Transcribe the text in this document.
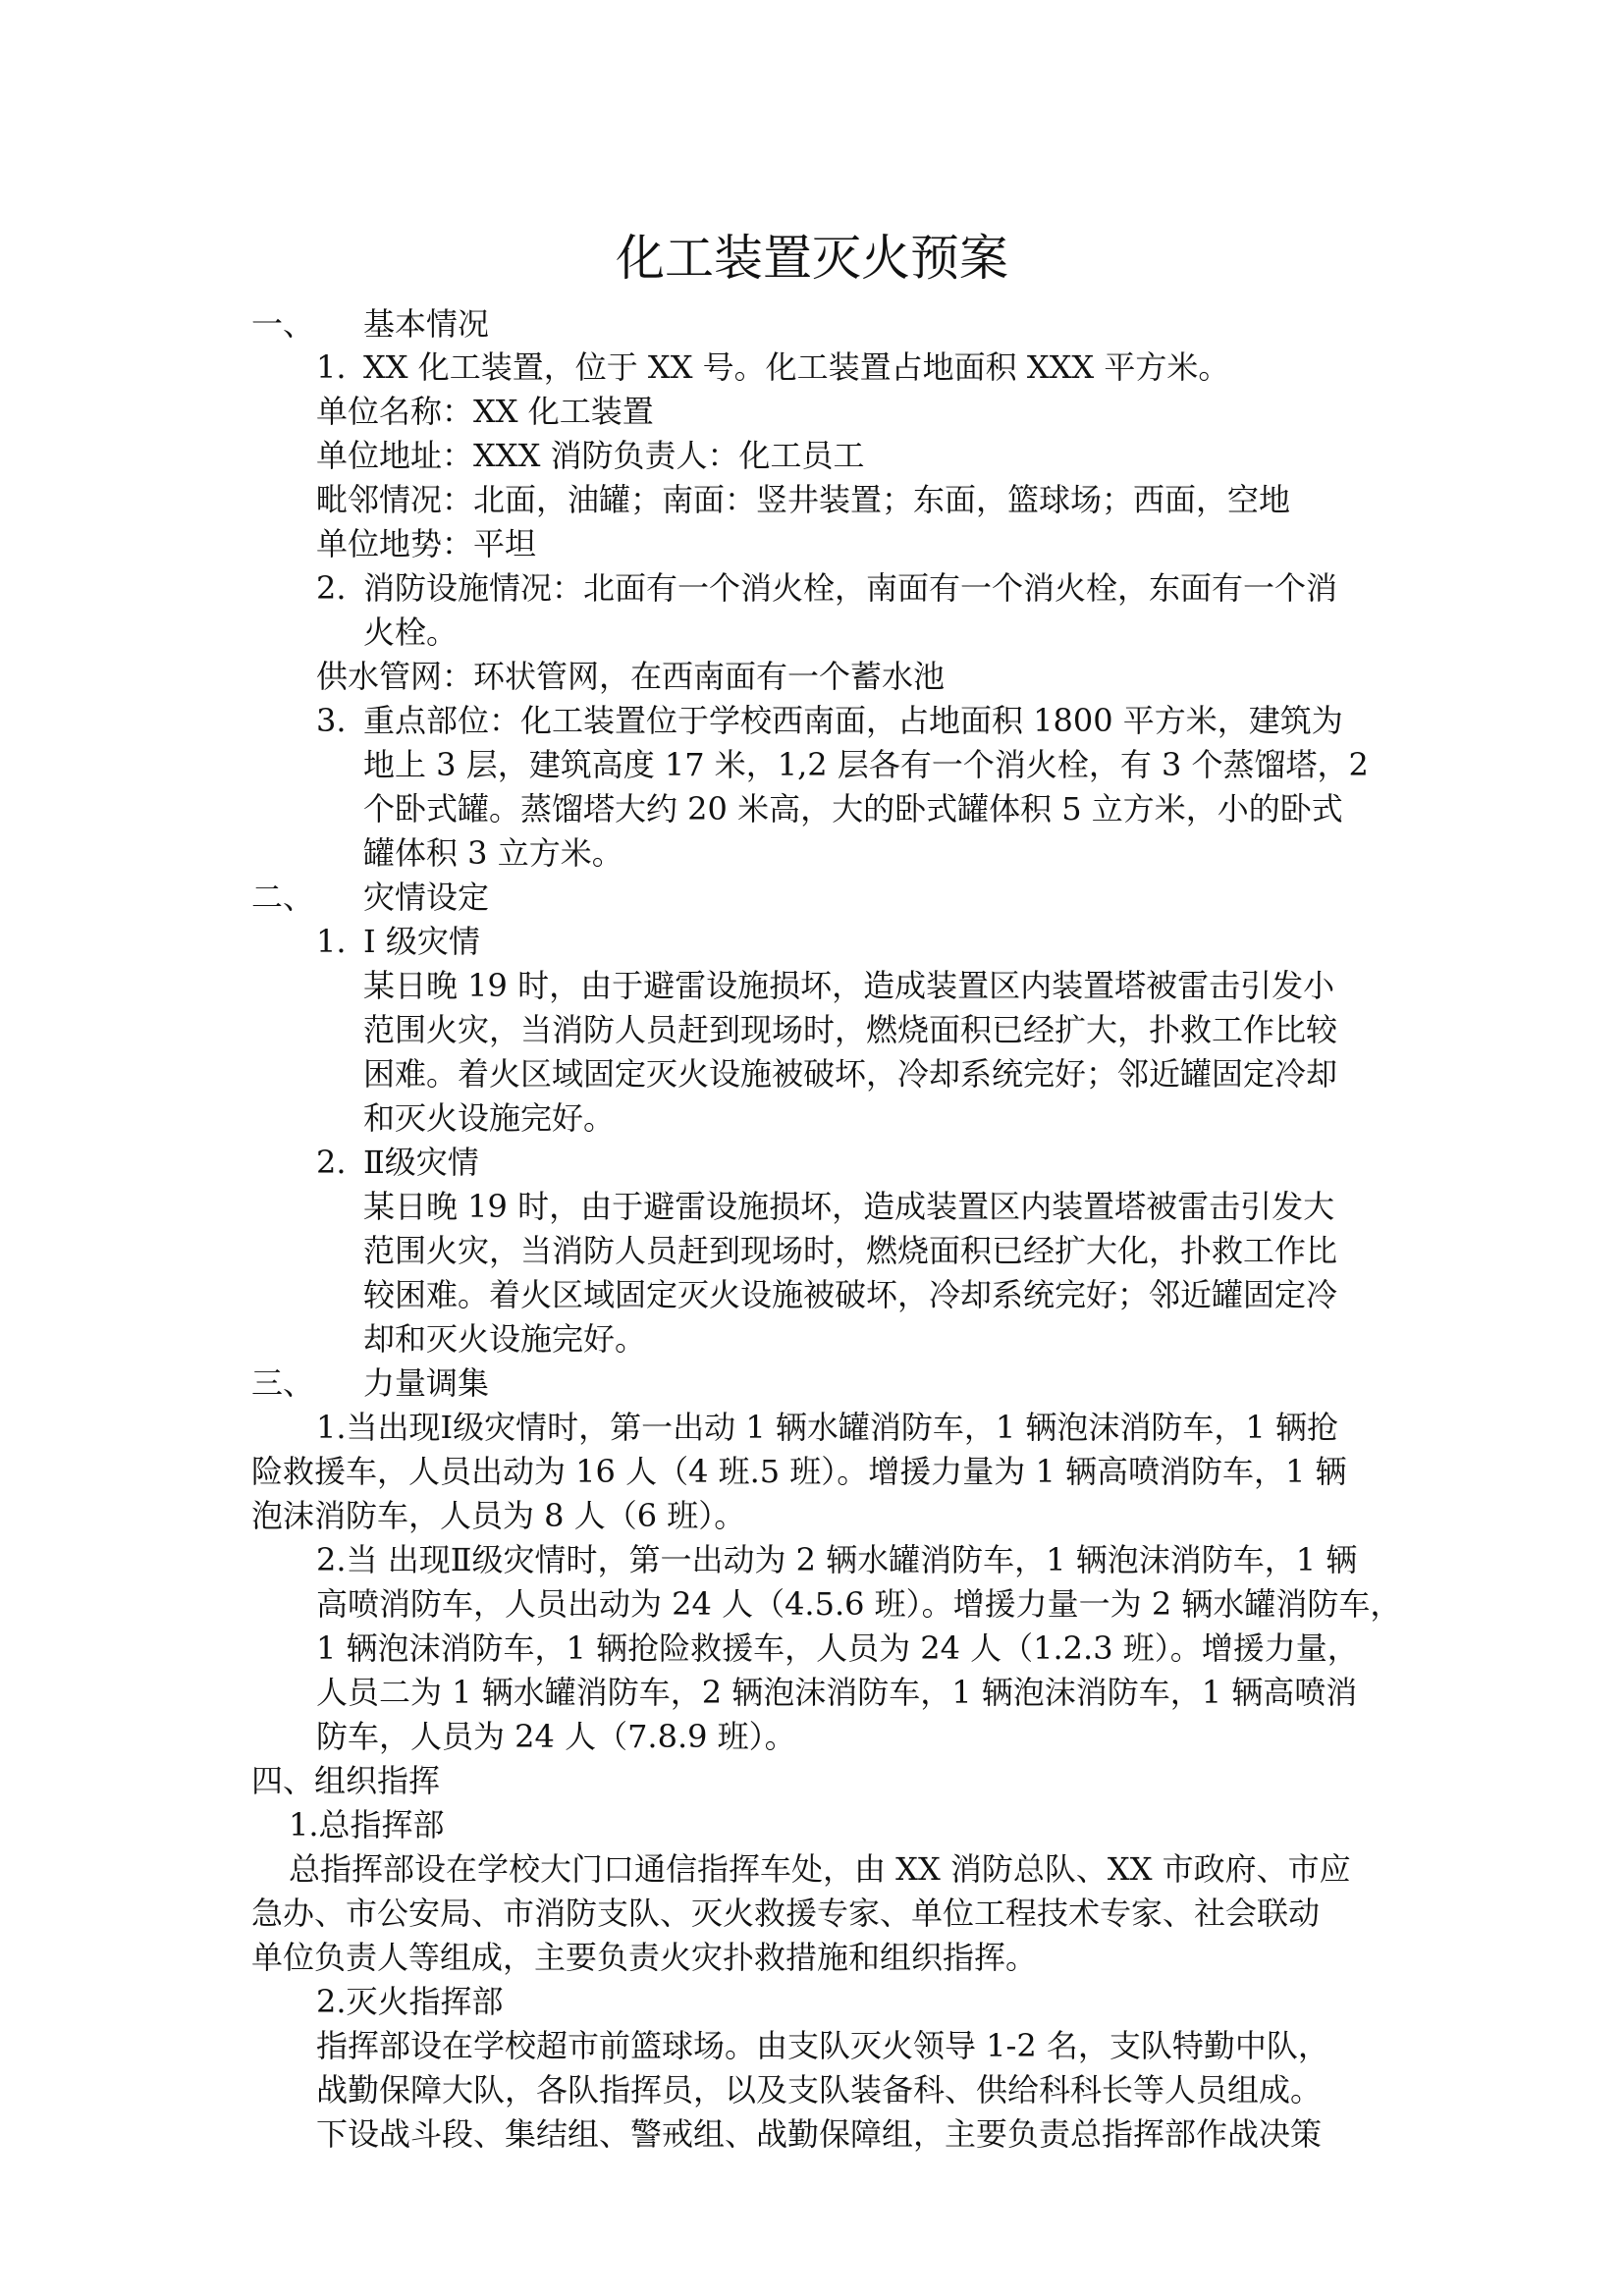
化工装置灭火预案
一、 基本情况
1. XX 化工装置，位于 XX 号。化工装置占地面积 XXX 平方米。
单位名称：XX 化工装置
单位地址：XXX 消防负责人：化工员工
毗邻情况：北面，油罐；南面：竖井装置；东面，篮球场；西面，空地
单位地势：平坦
2. 消防设施情况：北面有一个消火栓，南面有一个消火栓，东面有一个消
火栓。
供水管网：环状管网，在西南面有一个蓄水池
3. 重点部位：化工装置位于学校西南面，占地面积 1800 平方米，建筑为
地上 3 层，建筑高度 17 米，1,2 层各有一个消火栓，有 3 个蒸馏塔，2
个卧式罐。蒸馏塔大约 20 米高，大的卧式罐体积 5 立方米，小的卧式
罐体积 3 立方米。
二、 灾情设定
1. Ⅰ 级灾情
某日晚 19 时，由于避雷设施损坏，造成装置区内装置塔被雷击引发小
范围火灾，当消防人员赶到现场时，燃烧面积已经扩大，扑救工作比较
困难。着火区域固定灭火设施被破坏，冷却系统完好；邻近罐固定冷却
和灭火设施完好。
2. Ⅱ级灾情
某日晚 19 时，由于避雷设施损坏，造成装置区内装置塔被雷击引发大
范围火灾，当消防人员赶到现场时，燃烧面积已经扩大化，扑救工作比
较困难。着火区域固定灭火设施被破坏，冷却系统完好；邻近罐固定冷
却和灭火设施完好。
三、 力量调集
1.当出现Ⅰ级灾情时，第一出动 1 辆水罐消防车，1 辆泡沫消防车，1 辆抢
险救援车，人员出动为 16 人（4 班.5 班）。增援力量为 1 辆高喷消防车，1 辆
泡沫消防车，人员为 8 人（6 班）。
2.当 出现Ⅱ级灾情时，第一出动为 2 辆水罐消防车，1 辆泡沫消防车，1 辆
高喷消防车，人员出动为 24 人（4.5.6 班）。增援力量一为 2 辆水罐消防车，
1 辆泡沫消防车，1 辆抢险救援车，人员为 24 人（1.2.3 班）。增援力量，
人员二为 1 辆水罐消防车，2 辆泡沫消防车，1 辆泡沫消防车，1 辆高喷消
防车，人员为 24 人（7.8.9 班）。
四、组织指挥
1.总指挥部
总指挥部设在学校大门口通信指挥车处，由 XX 消防总队、XX 市政府、市应
急办、市公安局、市消防支队、灭火救援专家、单位工程技术专家、社会联动
单位负责人等组成，主要负责火灾扑救措施和组织指挥。
2.灭火指挥部
指挥部设在学校超市前篮球场。由支队灭火领导 1-2 名，支队特勤中队，
战勤保障大队，各队指挥员，以及支队装备科、供给科科长等人员组成。
下设战斗段、集结组、警戒组、战勤保障组，主要负责总指挥部作战决策
